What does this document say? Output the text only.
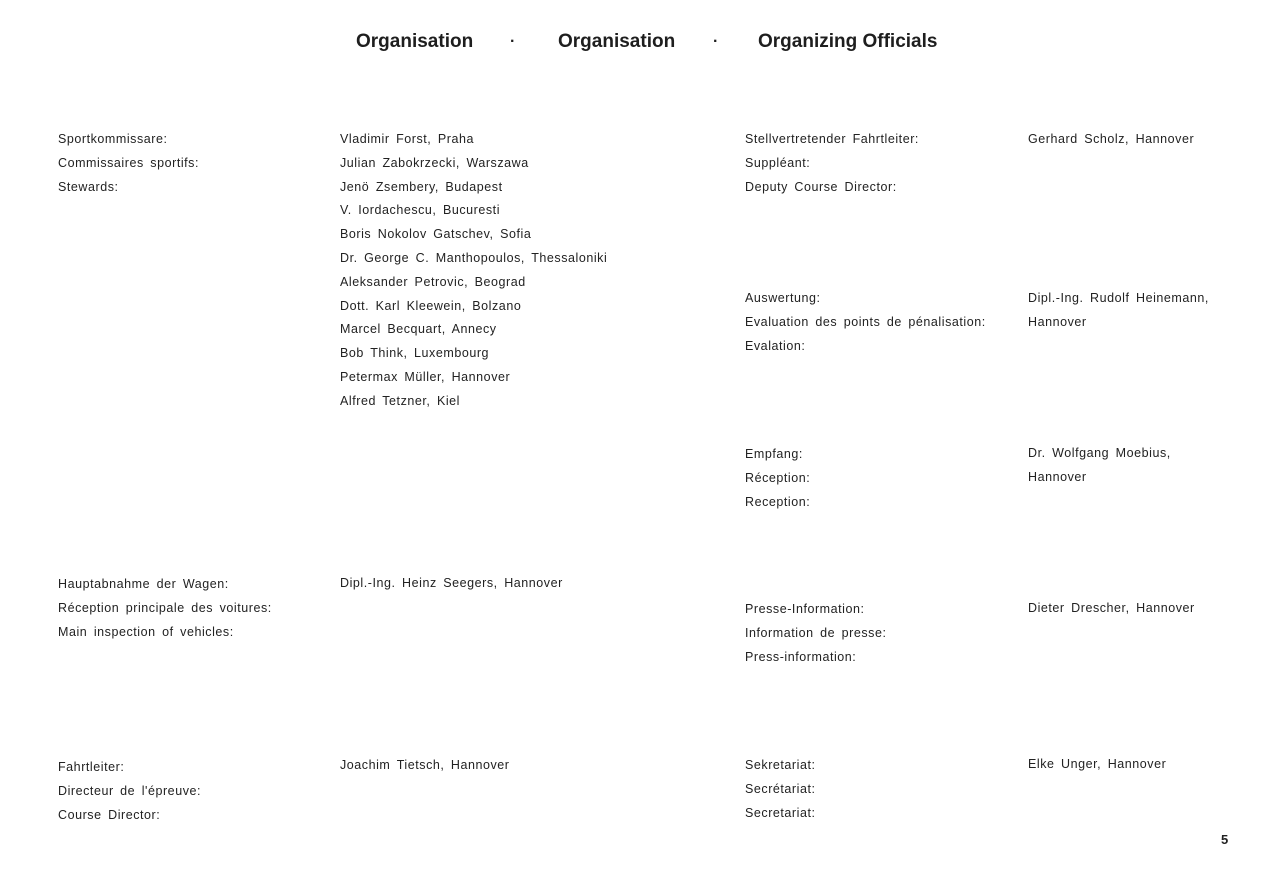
Organisation · Organisation · Organizing Officials
Sportkommissare:
Commissaires sportifs:
Stewards:
Vladimir Forst, Praha
Julian Zabokrzecki, Warszawa
Jenö Zsembery, Budapest
V. Iordachescu, Bucuresti
Boris Nokolov Gatschev, Sofia
Dr. George C. Manthopoulos, Thessaloniki
Aleksander Petrovic, Beograd
Dott. Karl Kleewein, Bolzano
Marcel Becquart, Annecy
Bob Think, Luxembourg
Petermax Müller, Hannover
Alfred Tetzner, Kiel
Hauptabnahme der Wagen:
Réception principale des voitures:
Main inspection of vehicles:
Dipl.-Ing. Heinz Seegers, Hannover
Fahrtleiter:
Directeur de l'épreuve:
Course Director:
Joachim Tietsch, Hannover
Stellvertretender Fahrtleiter:
Suppléant:
Deputy Course Director:
Gerhard Scholz, Hannover
Auswertung:
Evaluation des points de pénalisation:
Evalation:
Dipl.-Ing. Rudolf Heinemann,
Hannover
Empfang:
Réception:
Reception:
Dr. Wolfgang Moebius,
Hannover
Presse-Information:
Information de presse:
Press-information:
Dieter Drescher, Hannover
Sekretariat:
Secrétariat:
Secretariat:
Elke Unger, Hannover
5
